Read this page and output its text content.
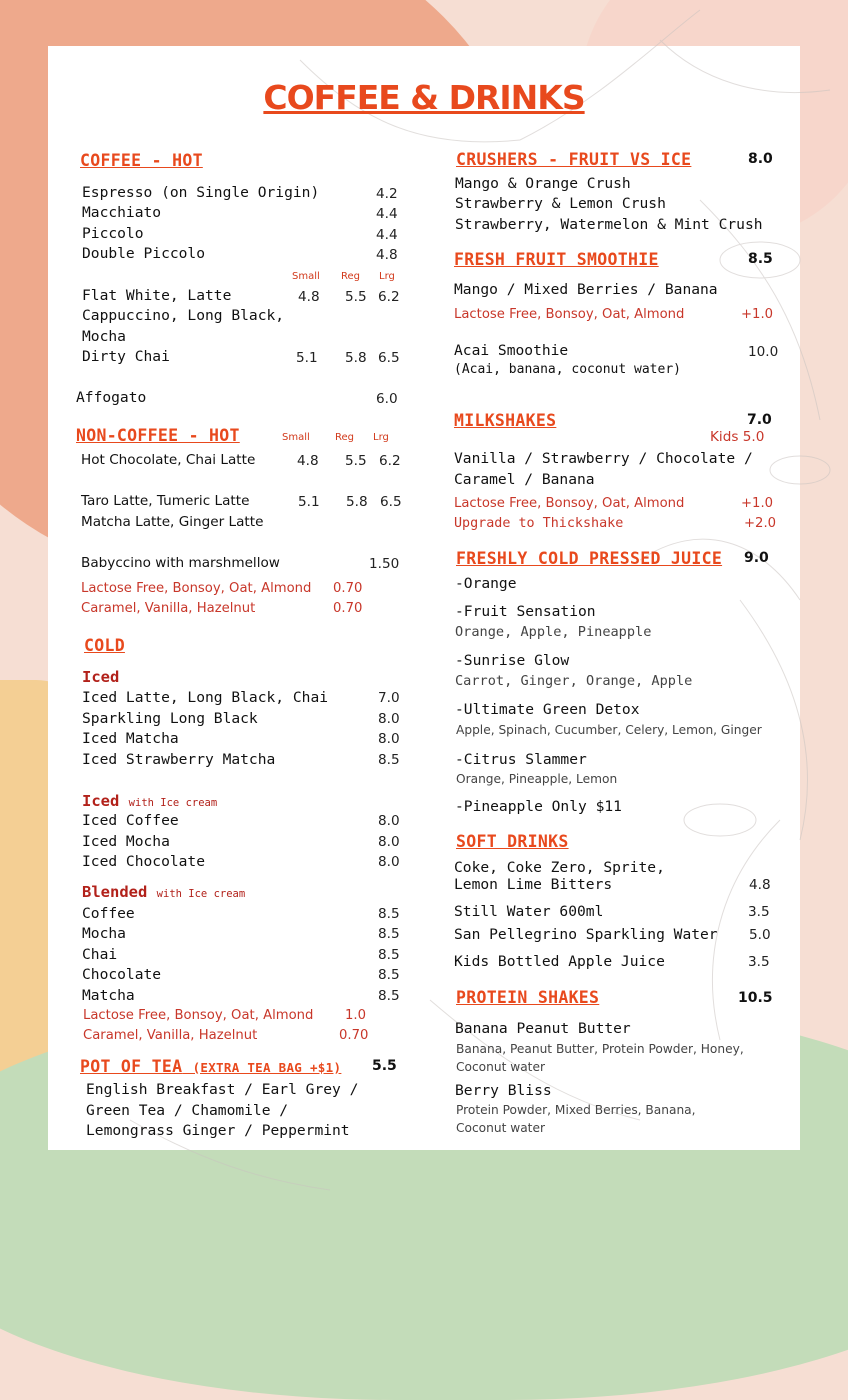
COFFEE & DRINKS
COFFEE - HOT
Espresso (on Single Origin)	4.2
Macchiato	4.4
Piccolo	4.4
Double Piccolo	4.8
Small Reg Lrg
Flat White, Latte	4.8 5.5 6.2
Cappuccino, Long Black,
Mocha
Dirty Chai	5.1 5.8 6.5
Affogato	6.0
NON-COFFEE - HOT	Small	Reg Lrg
Hot Chocolate, Chai Latte	4.8 5.5 6.2
Taro Latte, Tumeric Latte	5.1 5.8 6.5
Matcha Latte, Ginger Latte
Babyccino with marshmellow	1.50
Lactose Free, Bonsoy, Oat, Almond 0.70
Caramel, Vanilla, Hazelnut	0.70
COLD
Iced
Iced Latte, Long Black, Chai	7.0
Sparkling Long Black	8.0
Iced Matcha	8.0
Iced Strawberry Matcha	8.5
Iced with Ice cream
Iced Coffee	8.0
Iced Mocha	8.0
Iced Chocolate	8.0
Blended with Ice cream
Coffee	8.5
Mocha	8.5
Chai	8.5
Chocolate	8.5
Matcha	8.5
Lactose Free, Bonsoy, Oat, Almond 1.0
Caramel, Vanilla, Hazelnut	0.70
POT OF TEA (EXTRA TEA BAG +$1) 5.5
English Breakfast / Earl Grey /
Green Tea / Chamomile /
Lemongrass Ginger / Peppermint
CRUSHERS - FRUIT VS ICE	8.0
Mango & Orange Crush
Strawberry & Lemon Crush
Strawberry, Watermelon & Mint Crush
FRESH FRUIT SMOOTHIE	8.5
Mango / Mixed Berries / Banana
Lactose Free, Bonsoy, Oat, Almond	+1.0
Acai Smoothie	10.0
(Acai, banana, coconut water)
MILKSHAKES	7.0
Kids 5.0
Vanilla / Strawberry / Chocolate /
Caramel / Banana
Lactose Free, Bonsoy, Oat, Almond	+1.0
Upgrade to Thickshake	+2.0
FRESHLY COLD PRESSED JUICE 9.0
-Orange
-Fruit Sensation
Orange, Apple, Pineapple
-Sunrise Glow
Carrot, Ginger, Orange, Apple
-Ultimate Green Detox
Apple, Spinach, Cucumber, Celery, Lemon, Ginger
-Citrus Slammer
Orange, Pineapple, Lemon
-Pineapple Only $11
SOFT DRINKS
Coke, Coke Zero, Sprite,
Lemon Lime Bitters	4.8
Still Water 600ml	3.5
San Pellegrino Sparkling Water 5.0
Kids Bottled Apple Juice	3.5
PROTEIN SHAKES	10.5
Banana Peanut Butter
Banana, Peanut Butter, Protein Powder, Honey,
Coconut water
Berry Bliss
Protein Powder, Mixed Berries, Banana,
Coconut water
